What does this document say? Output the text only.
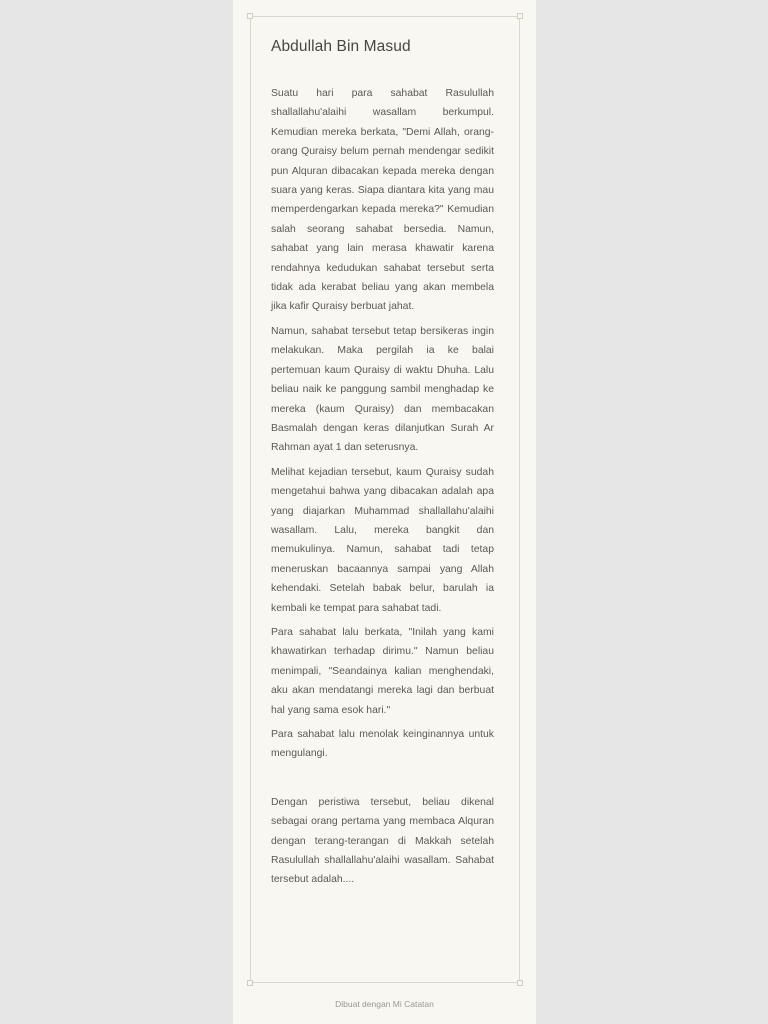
Abdullah Bin Masud

Suatu hari para sahabat Rasulullah shallallahu'alaihi wasallam berkumpul. Kemudian mereka berkata, "Demi Allah, orang-orang Quraisy belum pernah mendengar sedikit pun Alquran dibacakan kepada mereka dengan suara yang keras. Siapa diantara kita yang mau memperdengarkan kepada mereka?" Kemudian salah seorang sahabat bersedia. Namun, sahabat yang lain merasa khawatir karena rendahnya kedudukan sahabat tersebut serta tidak ada kerabat beliau yang akan membela jika kafir Quraisy berbuat jahat.

Namun, sahabat tersebut tetap bersikeras ingin melakukan. Maka pergilah ia ke balai pertemuan kaum Quraisy di waktu Dhuha. Lalu beliau naik ke panggung sambil menghadap ke mereka (kaum Quraisy) dan membacakan Basmalah dengan keras dilanjutkan Surah Ar Rahman ayat 1 dan seterusnya.

Melihat kejadian tersebut, kaum Quraisy sudah mengetahui bahwa yang dibacakan adalah apa yang diajarkan Muhammad shallallahu'alaihi wasallam. Lalu, mereka bangkit dan memukulinya. Namun, sahabat tadi tetap meneruskan bacaannya sampai yang Allah kehendaki. Setelah babak belur, barulah ia kembali ke tempat para sahabat tadi.

Para sahabat lalu berkata, "Inilah yang kami khawatirkan terhadap dirimu." Namun beliau menimpali, "Seandainya kalian menghendaki, aku akan mendatangi mereka lagi dan berbuat hal yang sama esok hari."

Para sahabat lalu menolak keinginannya untuk mengulangi.

Dengan peristiwa tersebut, beliau dikenal sebagai orang pertama yang membaca Alquran dengan terang-terangan di Makkah setelah Rasulullah shallallahu'alaihi wasallam. Sahabat tersebut adalah....

Dibuat dengan Mi Catatan
